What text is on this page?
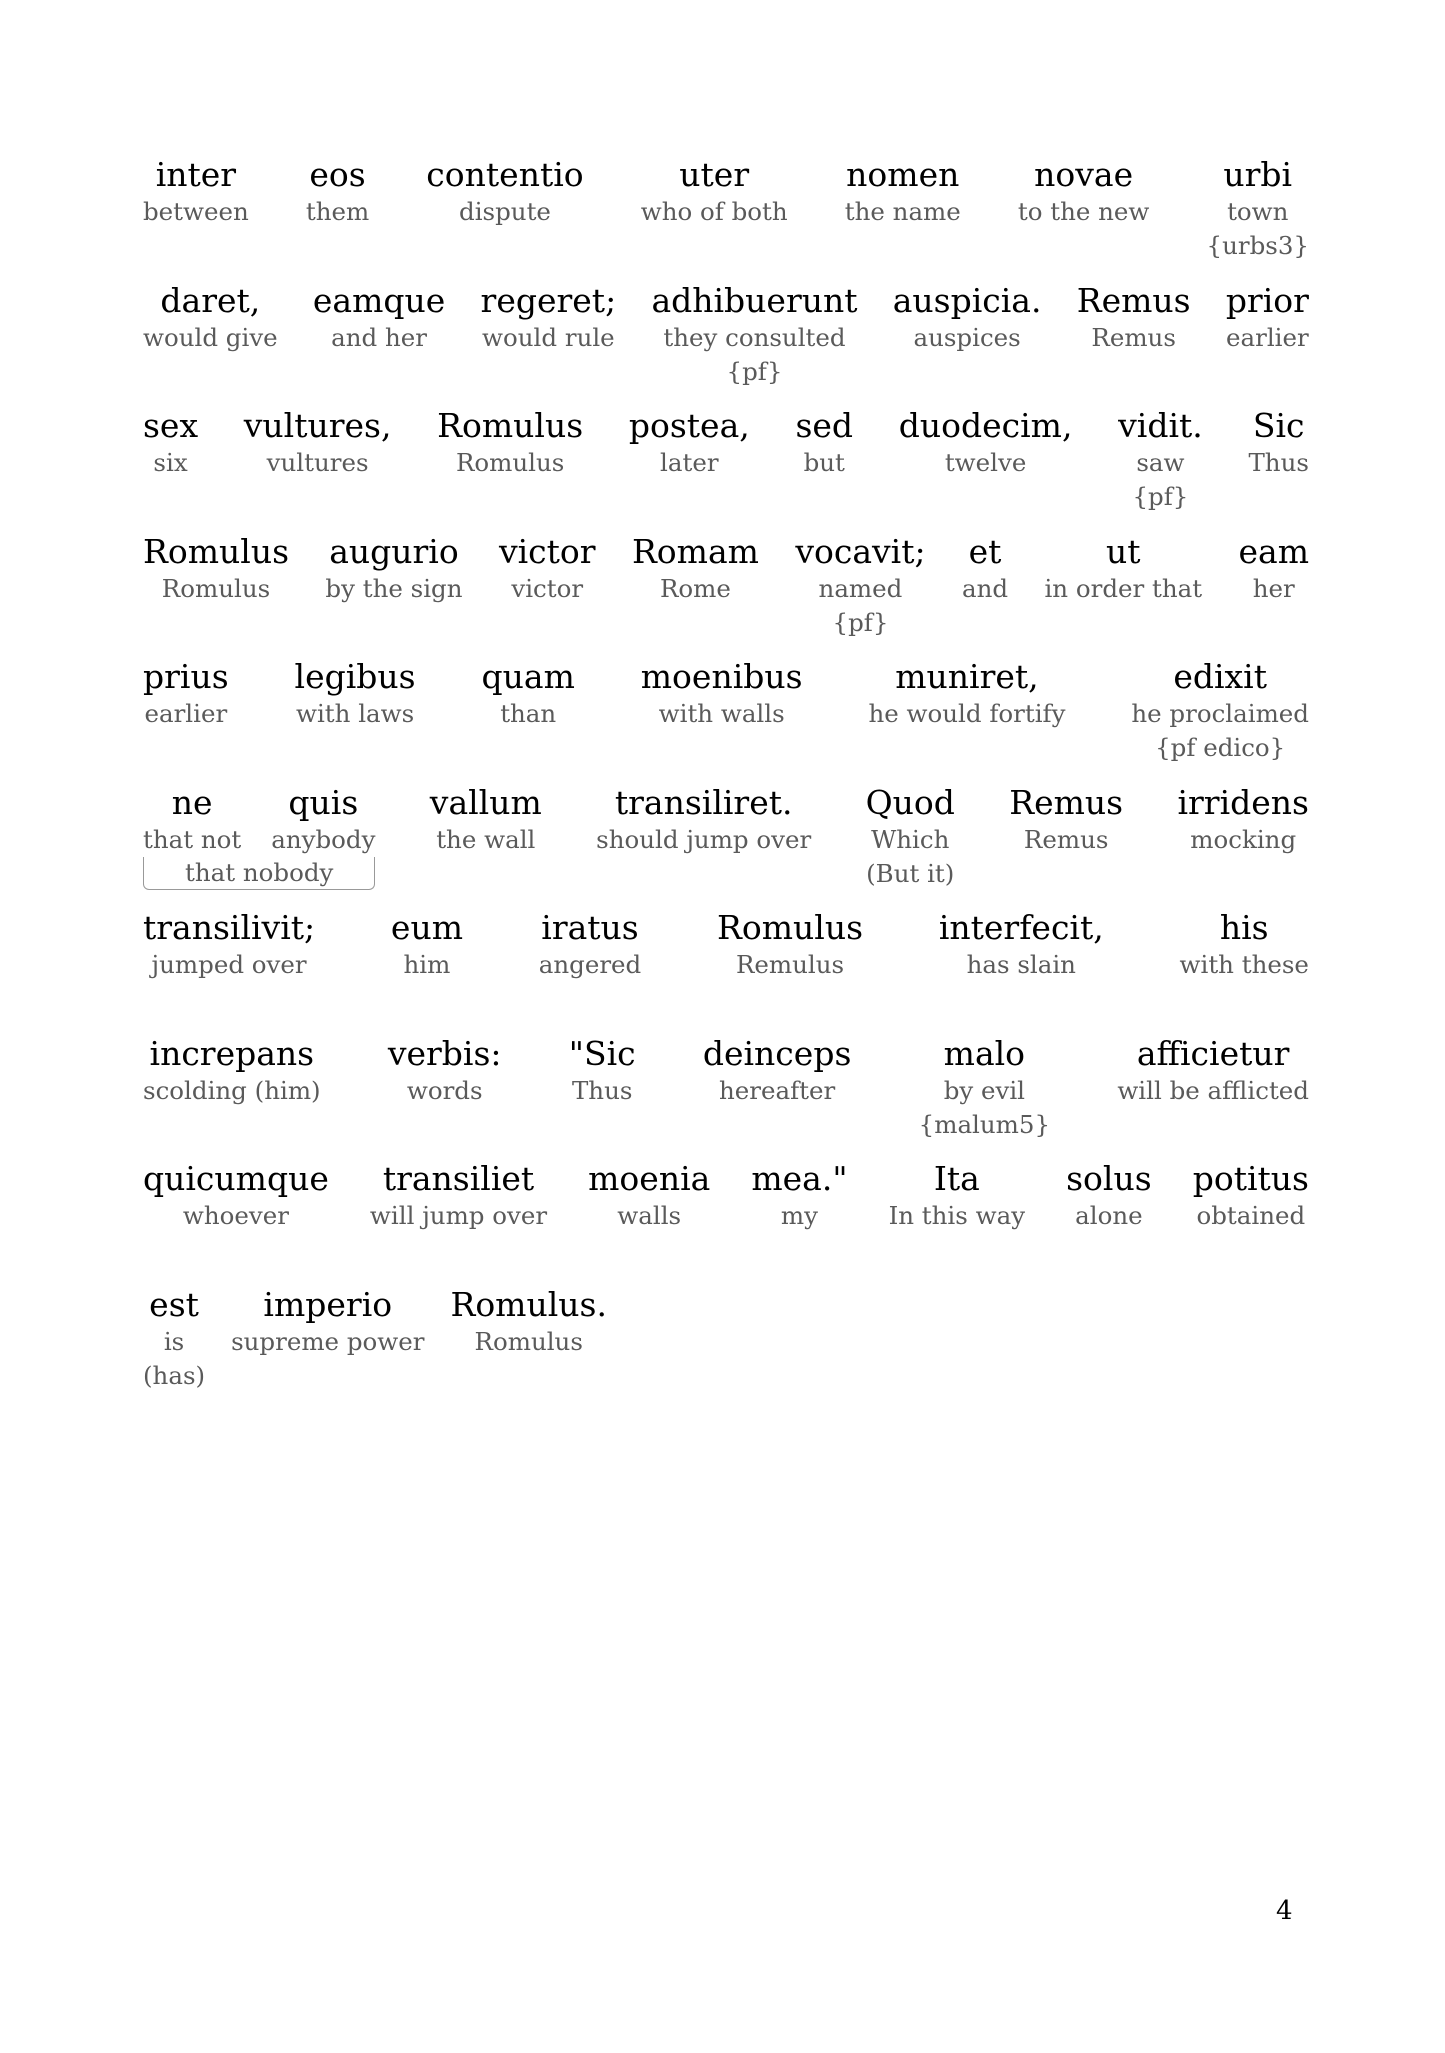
inter
between
eos
them
contentio
dispute
uter
who of both
nomen
the name
novae
to the new
urbi
town
{urbs3}
daret,
would give
eamque
and her
regeret;
would rule
adhibuerunt
they consulted
{pf}
auspicia.
auspices
Remus
Remus
prior
earlier
sex
six
vultures,
vultures
Romulus
Romulus
postea,
later
sed
but
duodecim,
twelve
vidit.
saw
{pf}
Sic
Thus
Romulus
Romulus
augurio
by the sign
victor
victor
Romam
Rome
vocavit;
named
{pf}
et
and
ut
in order that
eam
her
prius
earlier
legibus
with laws
quam
than
moenibus
with walls
muniret,
he would fortify
edixit
he proclaimed
{pf edico}
ne
that not
quis
anybody
that nobody
vallum
the wall
transiliret.
should jump over
Quod
Which
(But it)
Remus
Remus
irridens
mocking
transilivit;
jumped over
eum
him
iratus
angered
Romulus
Remulus
interfecit,
has slain
his
with these
increpans
scolding (him)
verbis:
words
"Sic
Thus
deinceps
hereafter
malo
by evil
{malum5}
afficietur
will be afflicted
quicumque
whoever
transiliet
will jump over
moenia
walls
mea."
my
Ita
In this way
solus
alone
potitus
obtained
est
is
(has)
imperio
supreme power
Romulus.
Romulus
4
